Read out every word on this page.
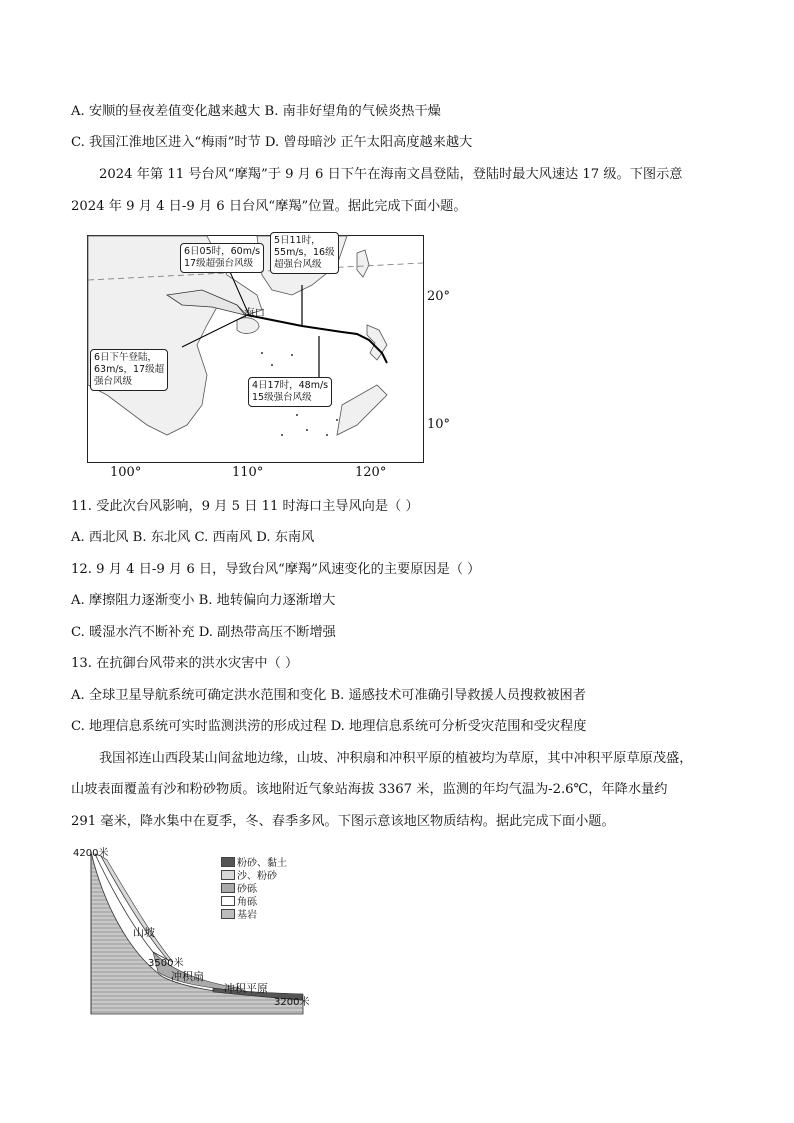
A. 安顺的昼夜差值变化越来越大 B. 南非好望角的气候炎热干燥
C. 我国江淮地区进入“梅雨”时节 D. 曾母暗沙 正午太阳高度越来越大
2024 年第 11 号台风“摩羯”于 9 月 6 日下午在海南文昌登陆，登陆时最大风速达 17 级。下图示意
2024 年 9 月 4 日-9 月 6 日台风“摩羯”位置。据此完成下面小题。
6日05时，60m/s
17级超强台风级
5日11时，
55m/s，16级
超强台风级
6日下午登陆，
63m/s，17级超
强台风级	4日17时，48m/s
15级强台风级
海口
20°
10°
100°	110°	120°
11. 受此次台风影响，9 月 5 日 11 时海口主导风向是（ ）
A. 西北风 B. 东北风 C. 西南风 D. 东南风
12. 9 月 4 日-9 月 6 日，导致台风“摩羯”风速变化的主要原因是（ ）
A. 摩擦阻力逐渐变小 B. 地转偏向力逐渐增大
C. 暖湿水汽不断补充 D. 副热带高压不断增强
13. 在抗御台风带来的洪水灾害中（ ）
A. 全球卫星导航系统可确定洪水范围和变化 B. 遥感技术可准确引导救援人员搜救被困者
C. 地理信息系统可实时监测洪涝的形成过程 D. 地理信息系统可分析受灾范围和受灾程度
我国祁连山西段某山间盆地边缘，山坡、冲积扇和冲积平原的植被均为草原，其中冲积平原草原茂盛，
山坡表面覆盖有沙和粉砂物质。该地附近气象站海拔 3367 米，监测的年均气温为-2.6℃，年降水量约
291 毫米，降水集中在夏季，冬、春季多风。下图示意该地区物质结构。据此完成下面小题。
4200米
3500米
3200米
山坡
冲积扇
冲积平原
粉砂、黏土
沙、粉砂
砂砾
角砾
基岩
